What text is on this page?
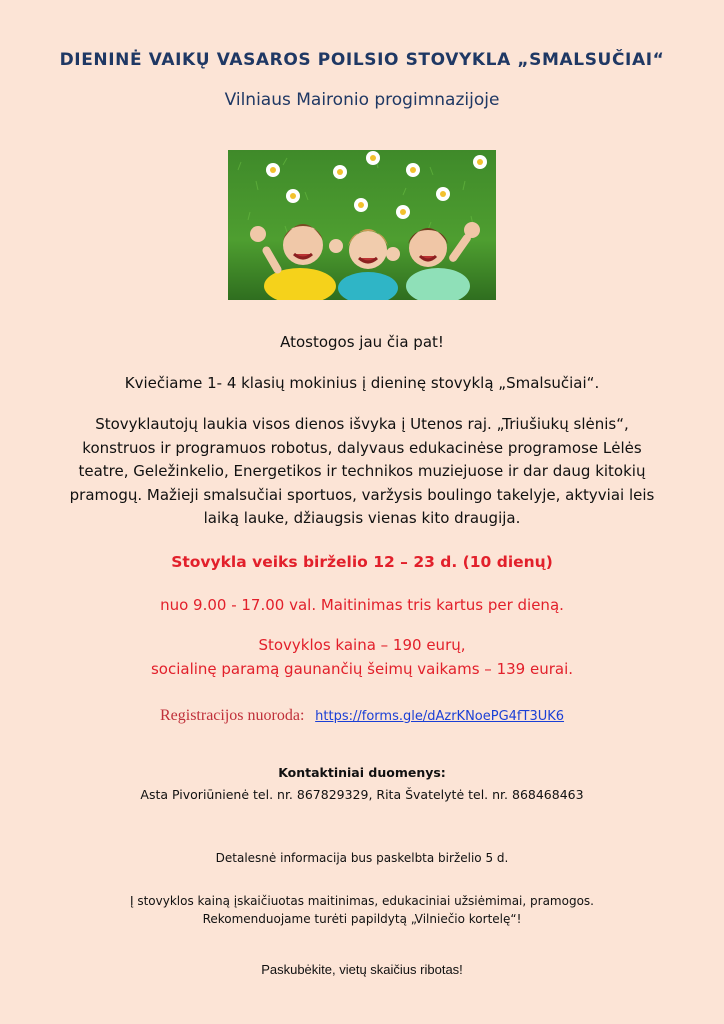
DIENINĖ VAIKŲ VASAROS POILSIO STOVYKLA „SMALSUČIAI“
Vilniaus Maironio progimnazijoje
Atostogos jau čia pat!
Kviečiame 1- 4 klasių mokinius į dieninę stovyklą „Smalsučiai“.
Stovyklautojų laukia visos dienos išvyka į Utenos raj. „Triušiukų slėnis“, konstruos ir programuos robotus, dalyvaus edukacinėse programose Lėlės teatre, Geležinkelio, Energetikos ir technikos muziejuose ir dar daug kitokių pramogų. Mažieji smalsučiai sportuos, varžysis boulingo takelyje, aktyviai leis laiką lauke, džiaugsis vienas kito draugija.
Stovykla veiks birželio 12 – 23 d. (10 dienų)
nuo 9.00 - 17.00 val. Maitinimas tris kartus per dieną.
Stovyklos kaina – 190 eurų,
socialinę paramą gaunančių šeimų vaikams – 139 eurai.
Registracijos nuoroda: https://forms.gle/dAzrKNoePG4fT3UK6
Kontaktiniai duomenys:
Asta Pivoriūnienė tel. nr. 867829329, Rita Švatelytė tel. nr. 868468463
Detalesnė informacija bus paskelbta birželio 5 d.
Į stovyklos kainą įskaičiuotas maitinimas, edukaciniai užsiėmimai, pramogos.
Rekomenduojame turėti papildytą „Vilniečio kortelę“!
Paskubėkite, vietų skaičius ribotas!
